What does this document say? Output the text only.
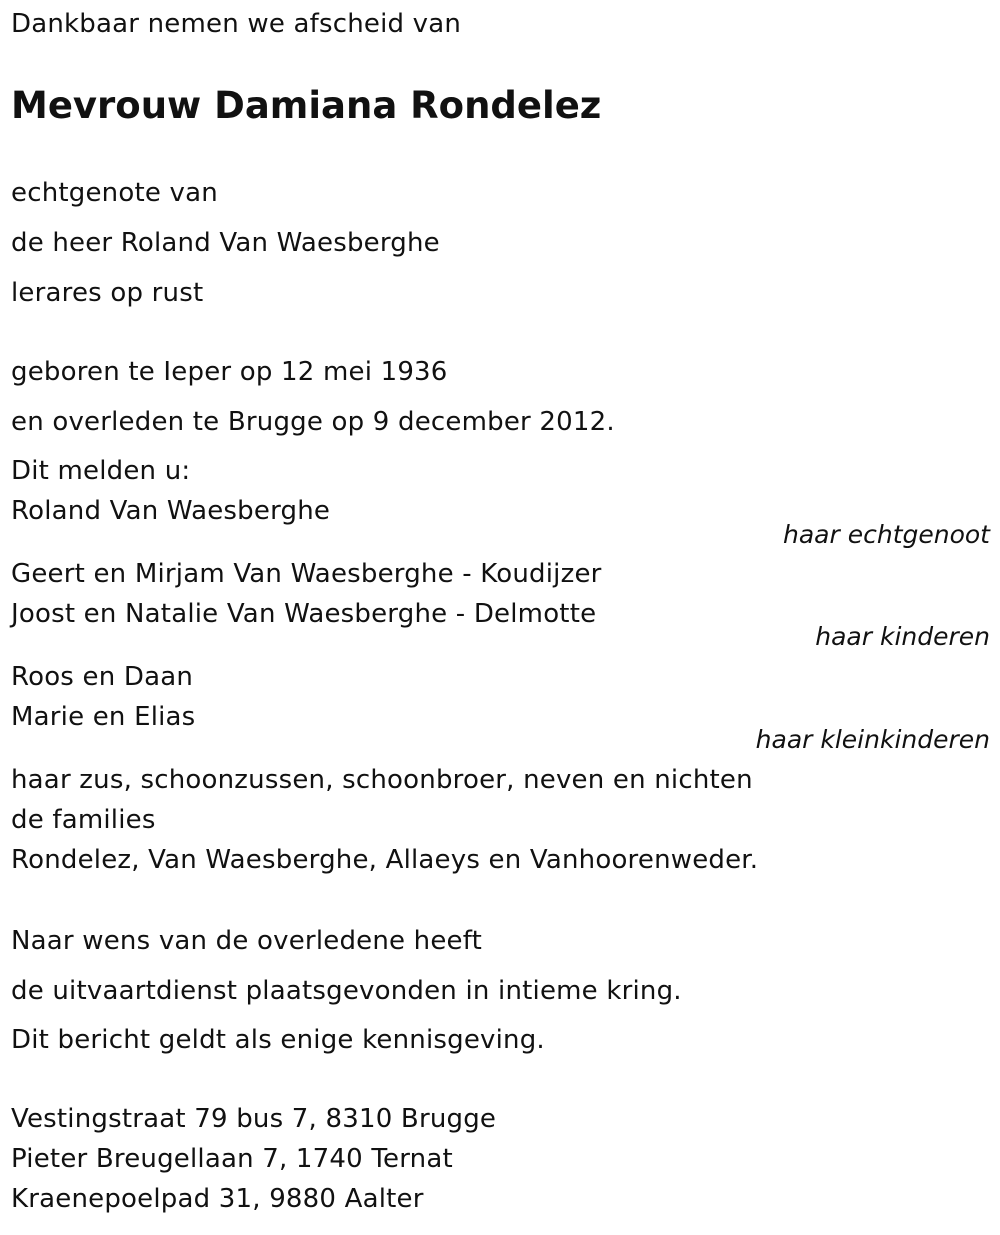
Dankbaar nemen we afscheid van
Mevrouw Damiana Rondelez
echtgenote van
de heer Roland Van Waesberghe
lerares op rust
geboren te Ieper op 12 mei 1936
en overleden te Brugge op 9 december 2012.
Dit melden u:
Roland Van Waesberghe
haar echtgenoot
Geert en Mirjam Van Waesberghe - Koudijzer
Joost en Natalie Van Waesberghe - Delmotte
haar kinderen
Roos en Daan
Marie en Elias
haar kleinkinderen
haar zus, schoonzussen, schoonbroer, neven en nichten
de families
Rondelez, Van Waesberghe, Allaeys en Vanhoorenweder.
Naar wens van de overledene heeft
de uitvaartdienst plaatsgevonden in intieme kring.
Dit bericht geldt als enige kennisgeving.
Vestingstraat 79 bus 7, 8310 Brugge
Pieter Breugellaan 7, 1740 Ternat
Kraenepoelpad 31, 9880 Aalter
